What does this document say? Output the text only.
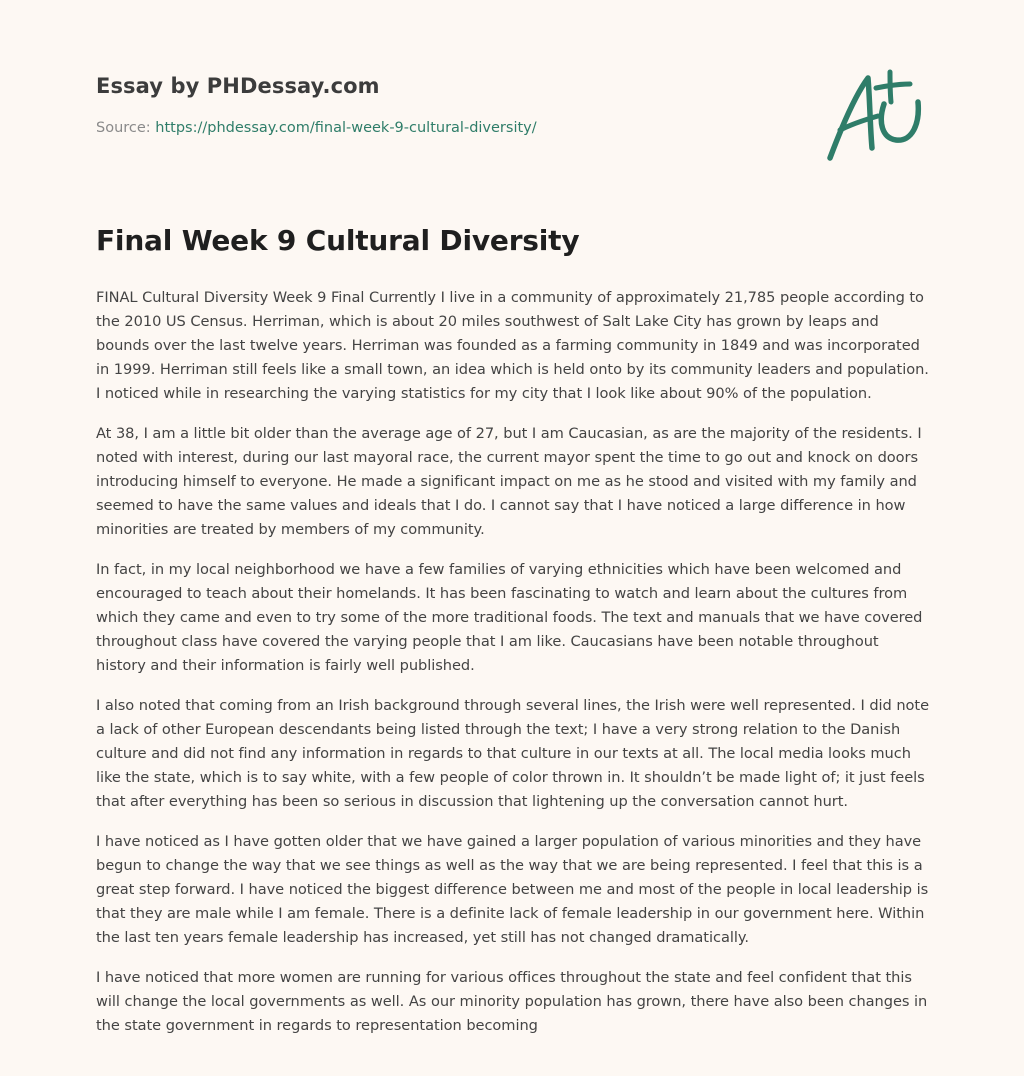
Essay by PHDessay.com
Source: https://phdessay.com/final-week-9-cultural-diversity/
Final Week 9 Cultural Diversity

FINAL Cultural Diversity Week 9 Final Currently I live in a community of approximately 21,785 people according to the 2010 US Census. Herriman, which is about 20 miles southwest of Salt Lake City has grown by leaps and bounds over the last twelve years. Herriman was founded as a farming community in 1849 and was incorporated in 1999. Herriman still feels like a small town, an idea which is held onto by its community leaders and population. I noticed while in researching the varying statistics for my city that I look like about 90% of the population.

At 38, I am a little bit older than the average age of 27, but I am Caucasian, as are the majority of the residents. I noted with interest, during our last mayoral race, the current mayor spent the time to go out and knock on doors introducing himself to everyone. He made a significant impact on me as he stood and visited with my family and seemed to have the same values and ideals that I do. I cannot say that I have noticed a large difference in how minorities are treated by members of my community.

In fact, in my local neighborhood we have a few families of varying ethnicities which have been welcomed and encouraged to teach about their homelands. It has been fascinating to watch and learn about the cultures from which they came and even to try some of the more traditional foods. The text and manuals that we have covered throughout class have covered the varying people that I am like. Caucasians have been notable throughout history and their information is fairly well published.

I also noted that coming from an Irish background through several lines, the Irish were well represented. I did note a lack of other European descendants being listed through the text; I have a very strong relation to the Danish culture and did not find any information in regards to that culture in our texts at all. The local media looks much like the state, which is to say white, with a few people of color thrown in. It shouldn’t be made light of; it just feels that after everything has been so serious in discussion that lightening up the conversation cannot hurt.

I have noticed as I have gotten older that we have gained a larger population of various minorities and they have begun to change the way that we see things as well as the way that we are being represented. I feel that this is a great step forward. I have noticed the biggest difference between me and most of the people in local leadership is that they are male while I am female. There is a definite lack of female leadership in our government here. Within the last ten years female leadership has increased, yet still has not changed dramatically.

I have noticed that more women are running for various offices throughout the state and feel confident that this will change the local governments as well. As our minority population has grown, there have also been changes in the state government in regards to representation becoming
